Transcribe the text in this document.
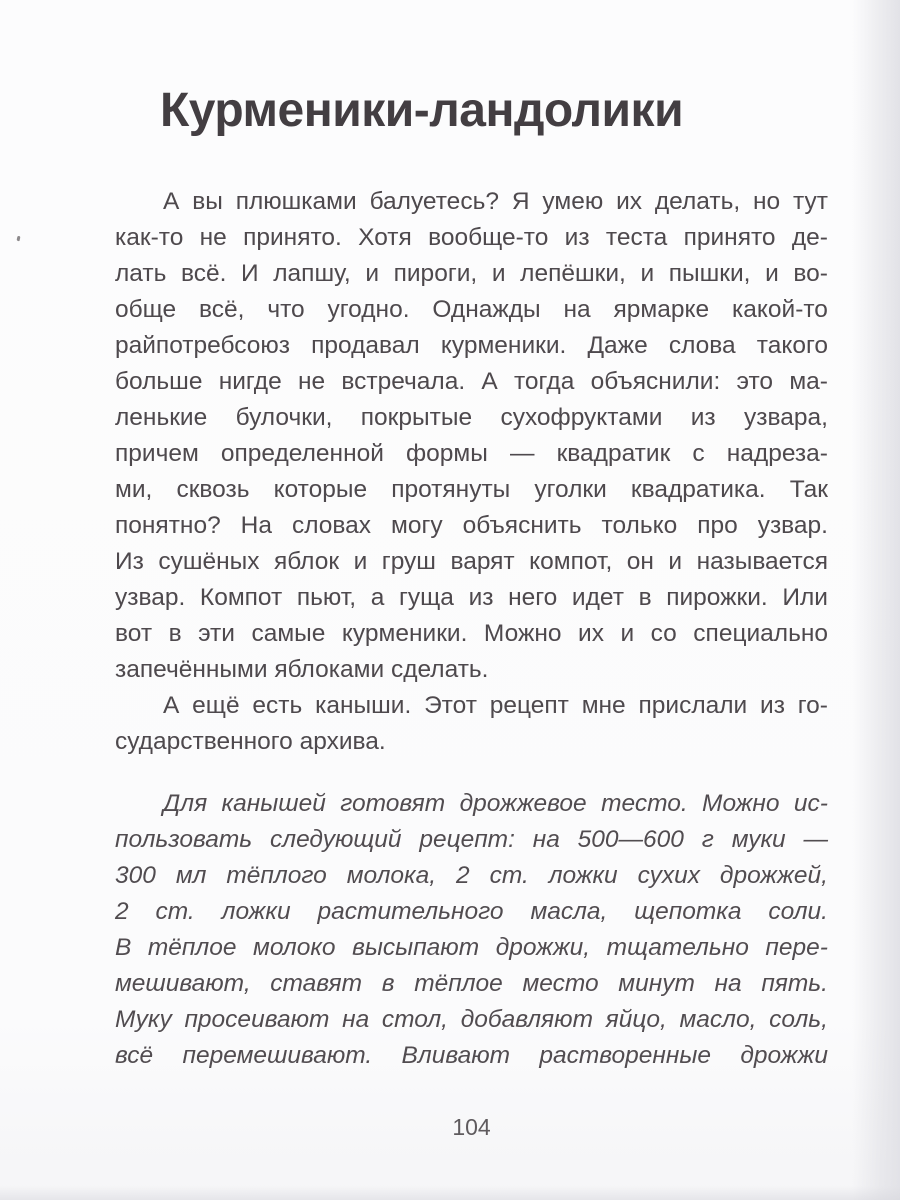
Курменики-ландолики
А вы плюшками балуетесь? Я умею их делать, но тут
как-то не принято. Хотя вообще-то из теста принято де-
лать всё. И лапшу, и пироги, и лепёшки, и пышки, и во-
обще всё, что угодно. Однажды на ярмарке какой-то
райпотребсоюз продавал курменики. Даже слова такого
больше нигде не встречала. А тогда объяснили: это ма-
ленькие булочки, покрытые сухофруктами из узвара,
причем определенной формы — квадратик с надреза-
ми, сквозь которые протянуты уголки квадратика. Так
понятно? На словах могу объяснить только про узвар.
Из сушёных яблок и груш варят компот, он и называется
узвар. Компот пьют, а гуща из него идет в пирожки. Или
вот в эти самые курменики. Можно их и со специально
запечёнными яблоками сделать.
А ещё есть каныши. Этот рецепт мне прислали из го-
сударственного архива.
Для канышей готовят дрожжевое тесто. Можно ис-
пользовать следующий рецепт: на 500—600 г муки —
300 мл тёплого молока, 2 ст. ложки сухих дрожжей,
2 ст. ложки растительного масла, щепотка соли.
В тёплое молоко высыпают дрожжи, тщательно пере-
мешивают, ставят в тёплое место минут на пять.
Муку просеивают на стол, добавляют яйцо, масло, соль,
всё перемешивают. Вливают растворенные дрожжи
104
